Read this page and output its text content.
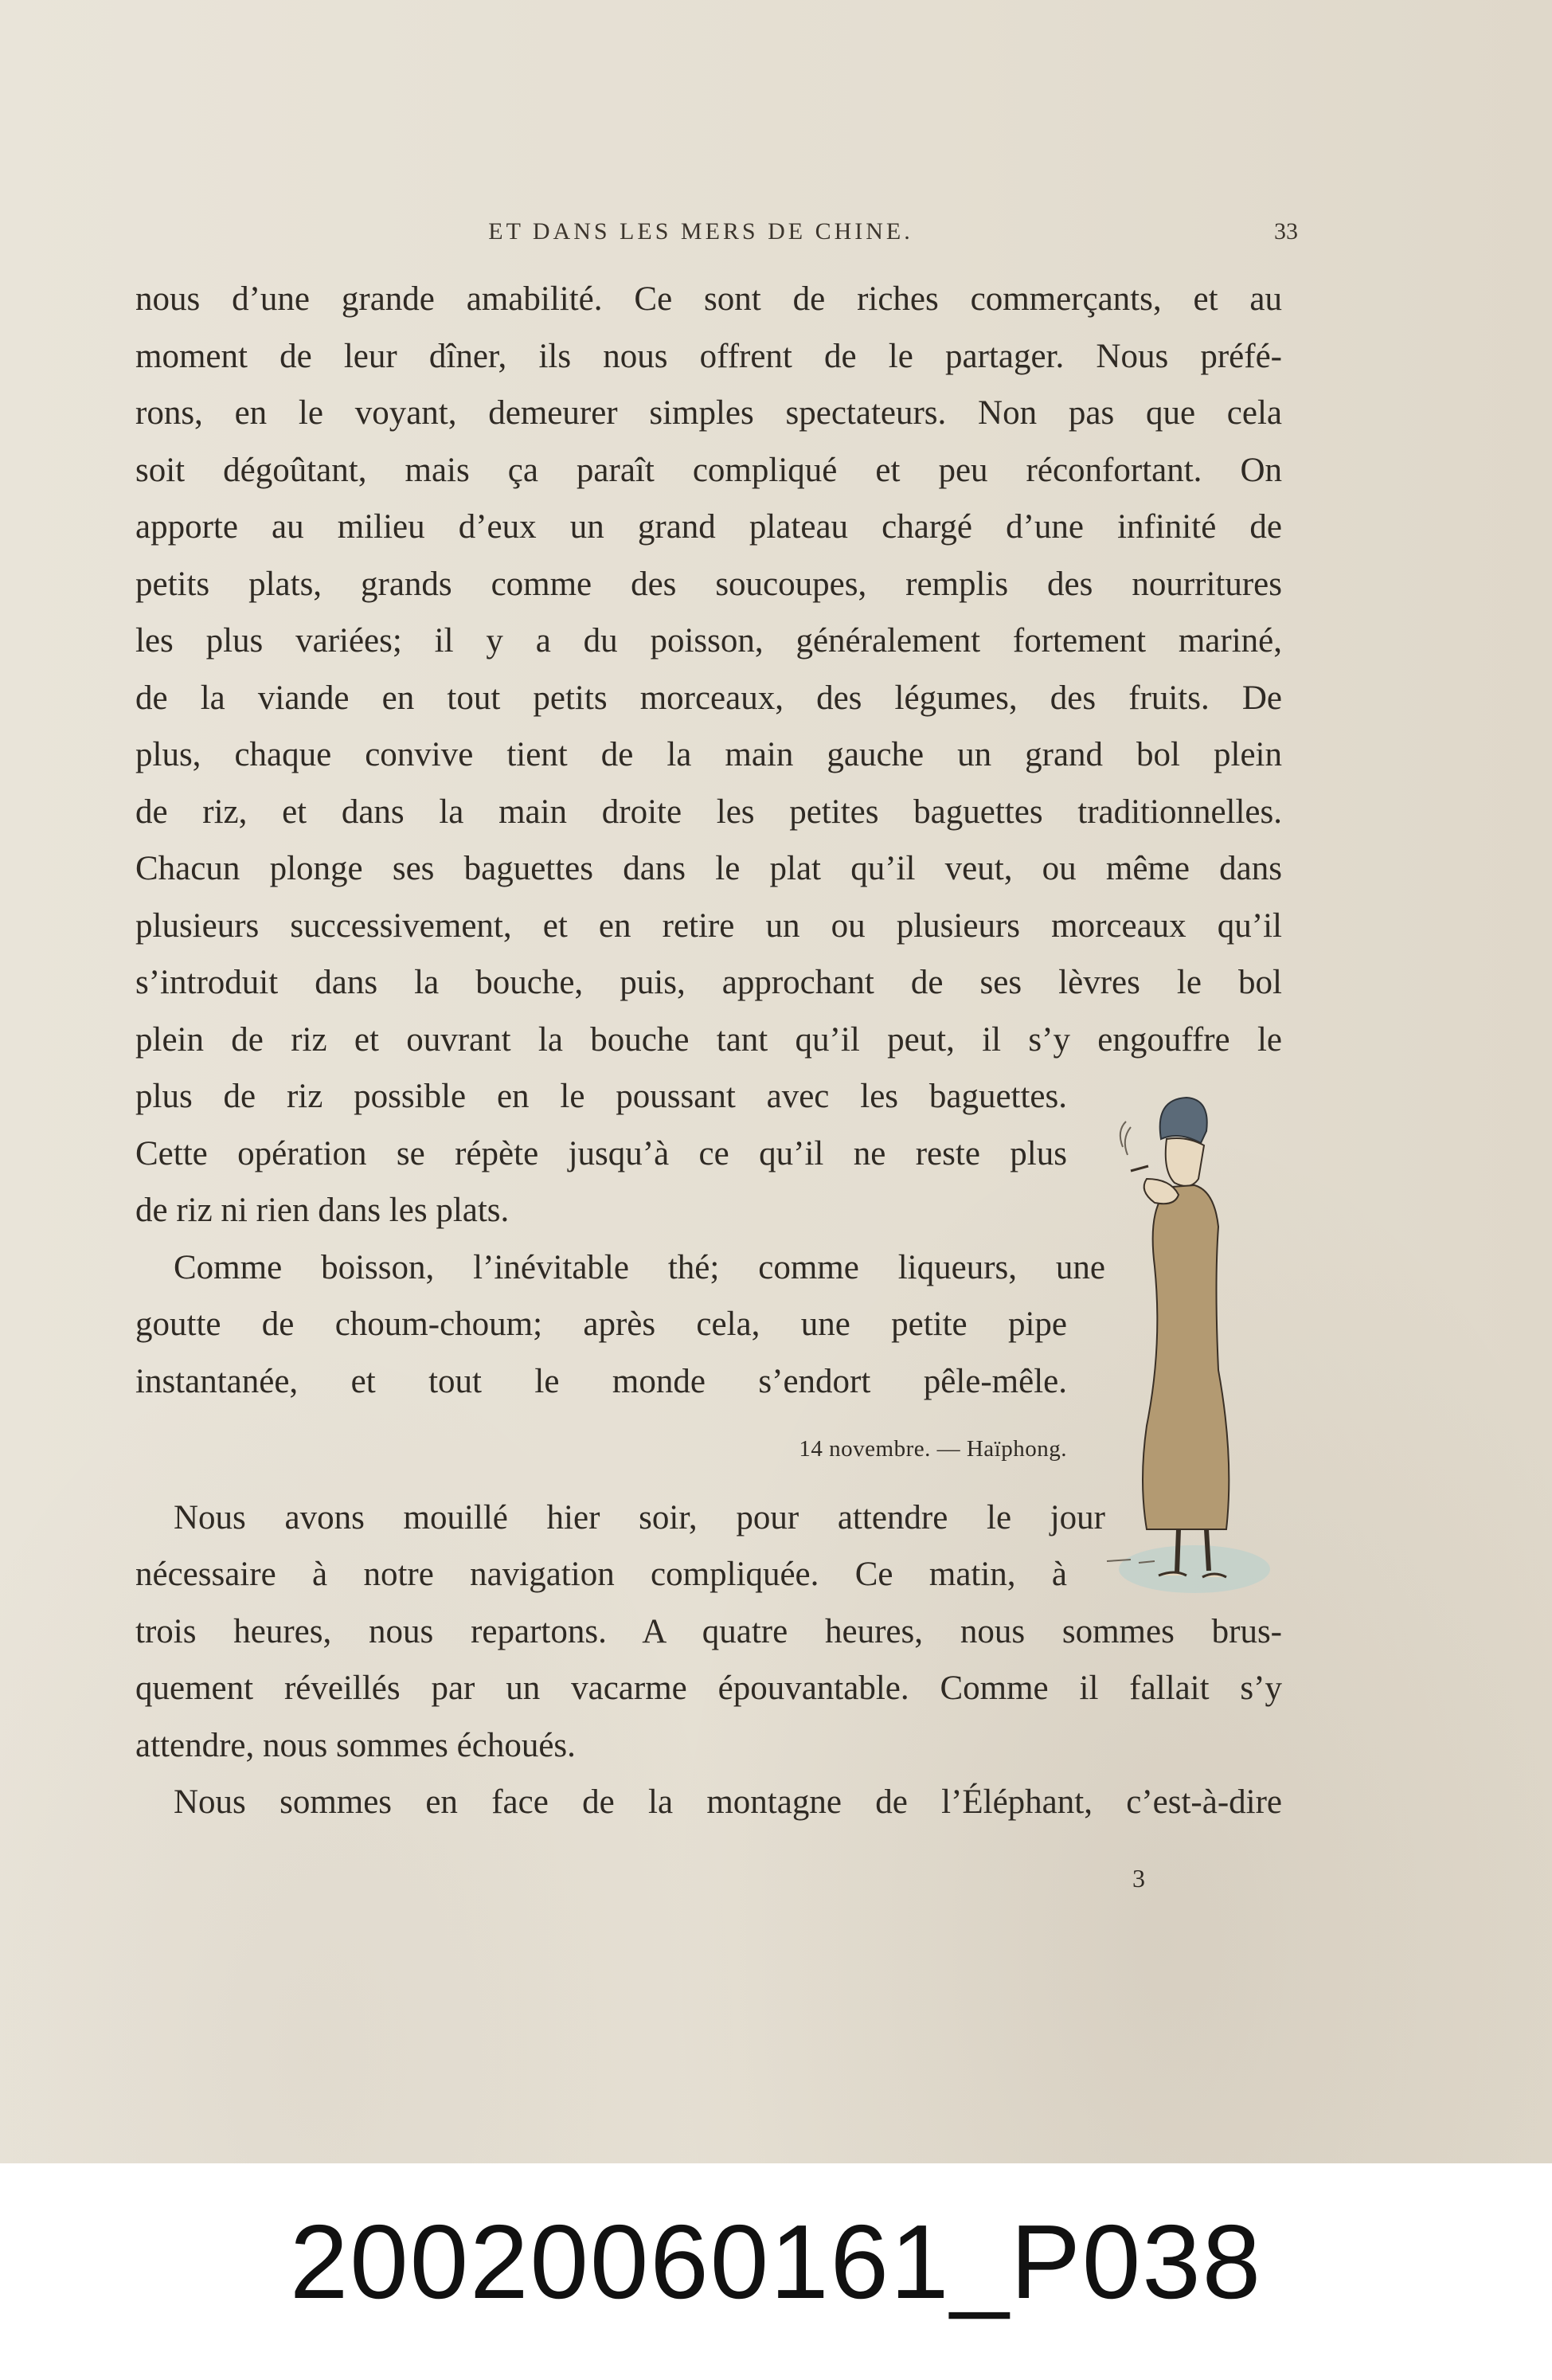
ET DANS LES MERS DE CHINE.	33
nous d’une grande amabilité. Ce sont de riches commerçants, et au
moment de leur dîner, ils nous offrent de le partager. Nous préfé-
rons, en le voyant, demeurer simples spectateurs. Non pas que cela
soit dégoûtant, mais ça paraît compliqué et peu réconfortant. On
apporte au milieu d’eux un grand plateau chargé d’une infinité de
petits plats, grands comme des soucoupes, remplis des nourritures
les plus variées; il y a du poisson, généralement fortement mariné,
de la viande en tout petits morceaux, des légumes, des fruits. De
plus, chaque convive tient de la main gauche un grand bol plein
de riz, et dans la main droite les petites baguettes traditionnelles.
Chacun plonge ses baguettes dans le plat qu’il veut, ou même dans
plusieurs successivement, et en retire un ou plusieurs morceaux qu’il
s’introduit dans la bouche, puis, approchant de ses lèvres le bol
plein de riz et ouvrant la bouche tant qu’il peut, il s’y engouffre le
plus de riz possible en le poussant avec les baguettes.
Cette opération se répète jusqu’à ce qu’il ne reste plus
de riz ni rien dans les plats.
Comme boisson, l’inévitable thé; comme liqueurs, une
goutte de choum-choum; après cela, une petite pipe
instantanée, et tout le monde s’endort pêle-mêle.
14 novembre. — Haïphong.
Nous avons mouillé hier soir, pour attendre le jour
nécessaire à notre navigation compliquée. Ce matin, à
trois heures, nous repartons. A quatre heures, nous sommes brus-
quement réveillés par un vacarme épouvantable. Comme il fallait s’y
attendre, nous sommes échoués.
Nous sommes en face de la montagne de l’Éléphant, c’est-à-dire
3
20020060161_P038
